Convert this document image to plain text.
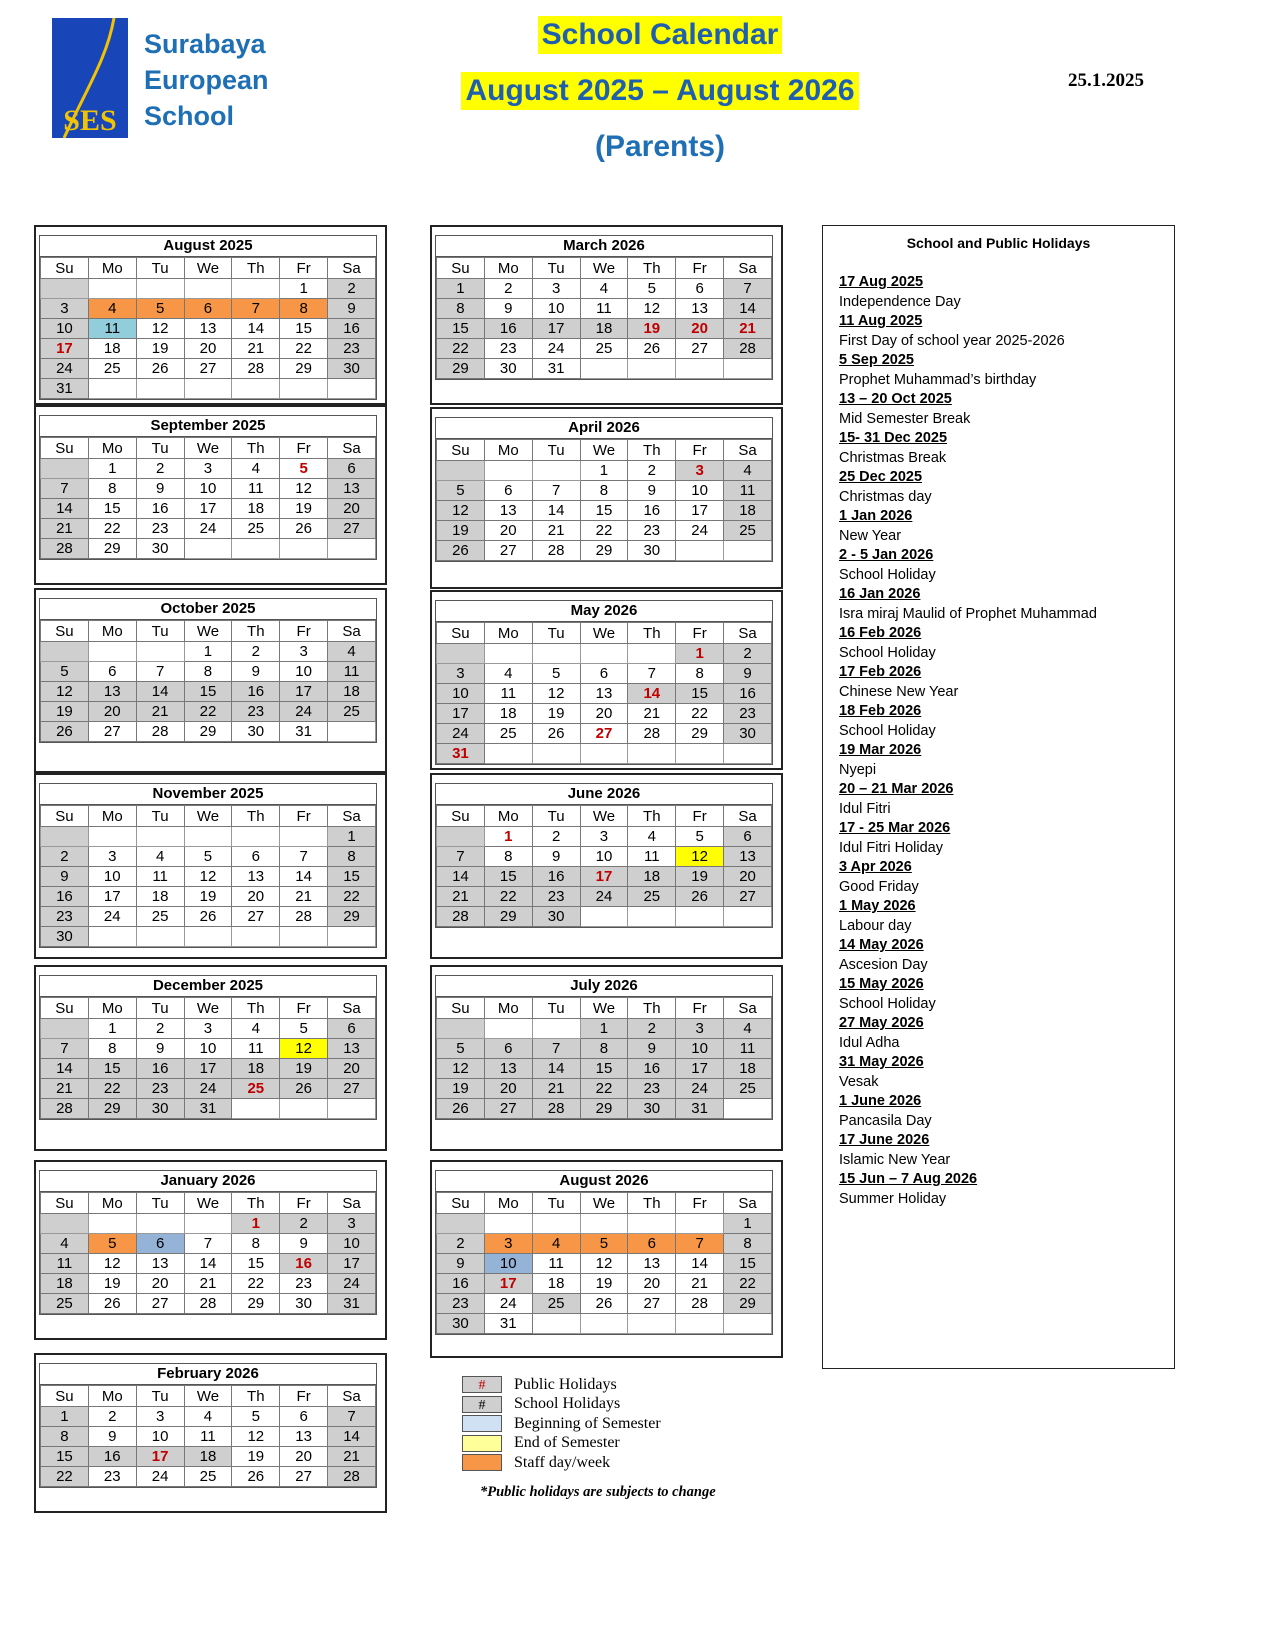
SES
Surabaya
European
School
School Calendar
August 2025 – August 2026
(Parents)
25.1.2025
August 2025
Su	Mo	Tu	We	Th	Fr	Sa
					1	2
3	4	5	6	7	8	9
10	11	12	13	14	15	16
17	18	19	20	21	22	23
24	25	26	27	28	29	30
31						
September 2025
Su	Mo	Tu	We	Th	Fr	Sa
	1	2	3	4	5	6
7	8	9	10	11	12	13
14	15	16	17	18	19	20
21	22	23	24	25	26	27
28	29	30				
October 2025
Su	Mo	Tu	We	Th	Fr	Sa
			1	2	3	4
5	6	7	8	9	10	11
12	13	14	15	16	17	18
19	20	21	22	23	24	25
26	27	28	29	30	31	
November 2025
Su	Mo	Tu	We	Th	Fr	Sa
						1
2	3	4	5	6	7	8
9	10	11	12	13	14	15
16	17	18	19	20	21	22
23	24	25	26	27	28	29
30						
December 2025
Su	Mo	Tu	We	Th	Fr	Sa
	1	2	3	4	5	6
7	8	9	10	11	12	13
14	15	16	17	18	19	20
21	22	23	24	25	26	27
28	29	30	31			
January 2026
Su	Mo	Tu	We	Th	Fr	Sa
				1	2	3
4	5	6	7	8	9	10
11	12	13	14	15	16	17
18	19	20	21	22	23	24
25	26	27	28	29	30	31
February 2026
Su	Mo	Tu	We	Th	Fr	Sa
1	2	3	4	5	6	7
8	9	10	11	12	13	14
15	16	17	18	19	20	21
22	23	24	25	26	27	28
March 2026
Su	Mo	Tu	We	Th	Fr	Sa
1	2	3	4	5	6	7
8	9	10	11	12	13	14
15	16	17	18	19	20	21
22	23	24	25	26	27	28
29	30	31				
April 2026
Su	Mo	Tu	We	Th	Fr	Sa
			1	2	3	4
5	6	7	8	9	10	11
12	13	14	15	16	17	18
19	20	21	22	23	24	25
26	27	28	29	30		
May 2026
Su	Mo	Tu	We	Th	Fr	Sa
					1	2
3	4	5	6	7	8	9
10	11	12	13	14	15	16
17	18	19	20	21	22	23
24	25	26	27	28	29	30
31						
June 2026
Su	Mo	Tu	We	Th	Fr	Sa
	1	2	3	4	5	6
7	8	9	10	11	12	13
14	15	16	17	18	19	20
21	22	23	24	25	26	27
28	29	30				
July 2026
Su	Mo	Tu	We	Th	Fr	Sa
			1	2	3	4
5	6	7	8	9	10	11
12	13	14	15	16	17	18
19	20	21	22	23	24	25
26	27	28	29	30	31	
August 2026
Su	Mo	Tu	We	Th	Fr	Sa
						1
2	3	4	5	6	7	8
9	10	11	12	13	14	15
16	17	18	19	20	21	22
23	24	25	26	27	28	29
30	31					
School and Public Holidays
17 Aug 2025
Independence Day
11 Aug 2025
First Day of school year 2025-2026
5 Sep 2025
Prophet Muhammad’s birthday
13 – 20 Oct 2025
Mid Semester Break
15- 31 Dec 2025
Christmas Break
25 Dec 2025
Christmas day
1 Jan 2026
New Year
2 - 5 Jan 2026
School Holiday
16 Jan 2026
Isra miraj Maulid of Prophet Muhammad
16 Feb 2026
School Holiday
17 Feb 2026
Chinese New Year
18 Feb 2026
School Holiday
19 Mar 2026
Nyepi
20 – 21 Mar 2026
Idul Fitri
17 - 25 Mar 2026
Idul Fitri Holiday
3 Apr 2026
Good Friday
1 May 2026
Labour day
14 May 2026
Ascesion Day
15 May 2026
School Holiday
27 May 2026
Idul Adha
31 May 2026
Vesak
1 June 2026
Pancasila Day
17 June 2026
Islamic New Year
15 Jun – 7 Aug 2026
Summer Holiday
#	Public Holidays
#	School Holidays
Beginning of Semester
End of Semester
Staff day/week
*Public holidays are subjects to change
